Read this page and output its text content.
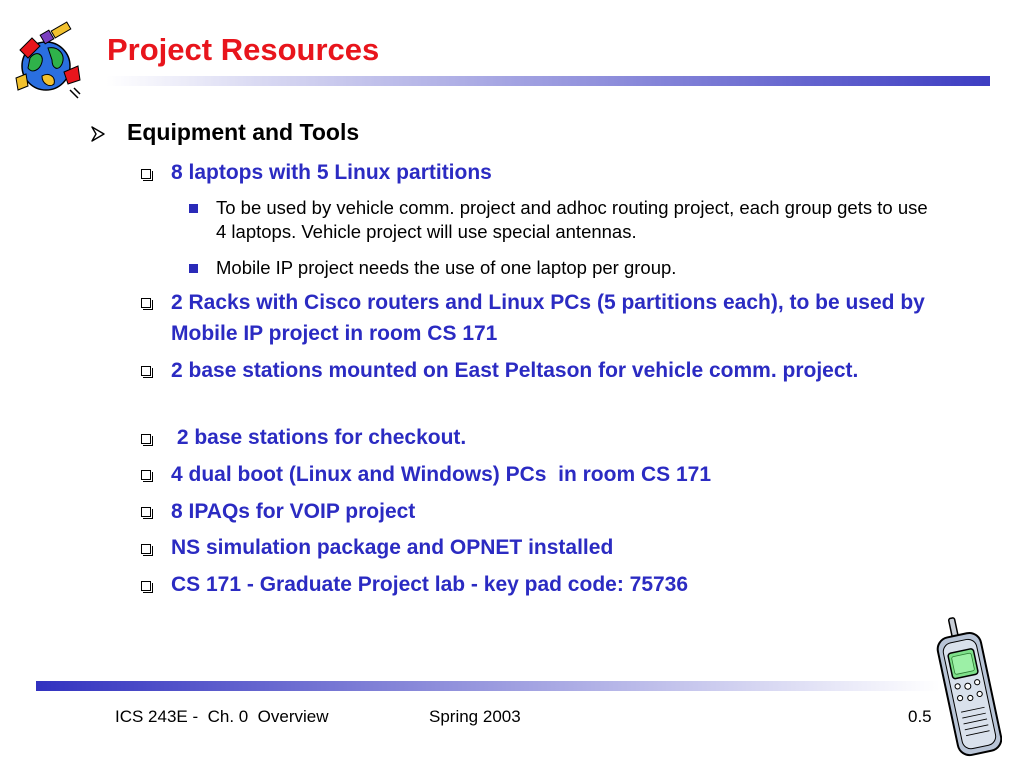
Project Resources
Equipment and Tools
8 laptops with 5 Linux partitions
To be used by vehicle comm. project and adhoc routing project, each group gets to use 4 laptops. Vehicle project will use special antennas.
Mobile IP project needs the use of one laptop per group.
2 Racks with Cisco routers and Linux PCs (5 partitions each), to be used by Mobile IP project in room CS 171
2 base stations mounted on East Peltason for vehicle comm. project.
2 base stations for checkout.
4 dual boot (Linux and Windows) PCs  in room CS 171
8 IPAQs for VOIP project
NS simulation package and OPNET installed
CS 171 - Graduate Project lab - key pad code: 75736
ICS 243E -  Ch. 0  Overview	Spring 2003	0.5
